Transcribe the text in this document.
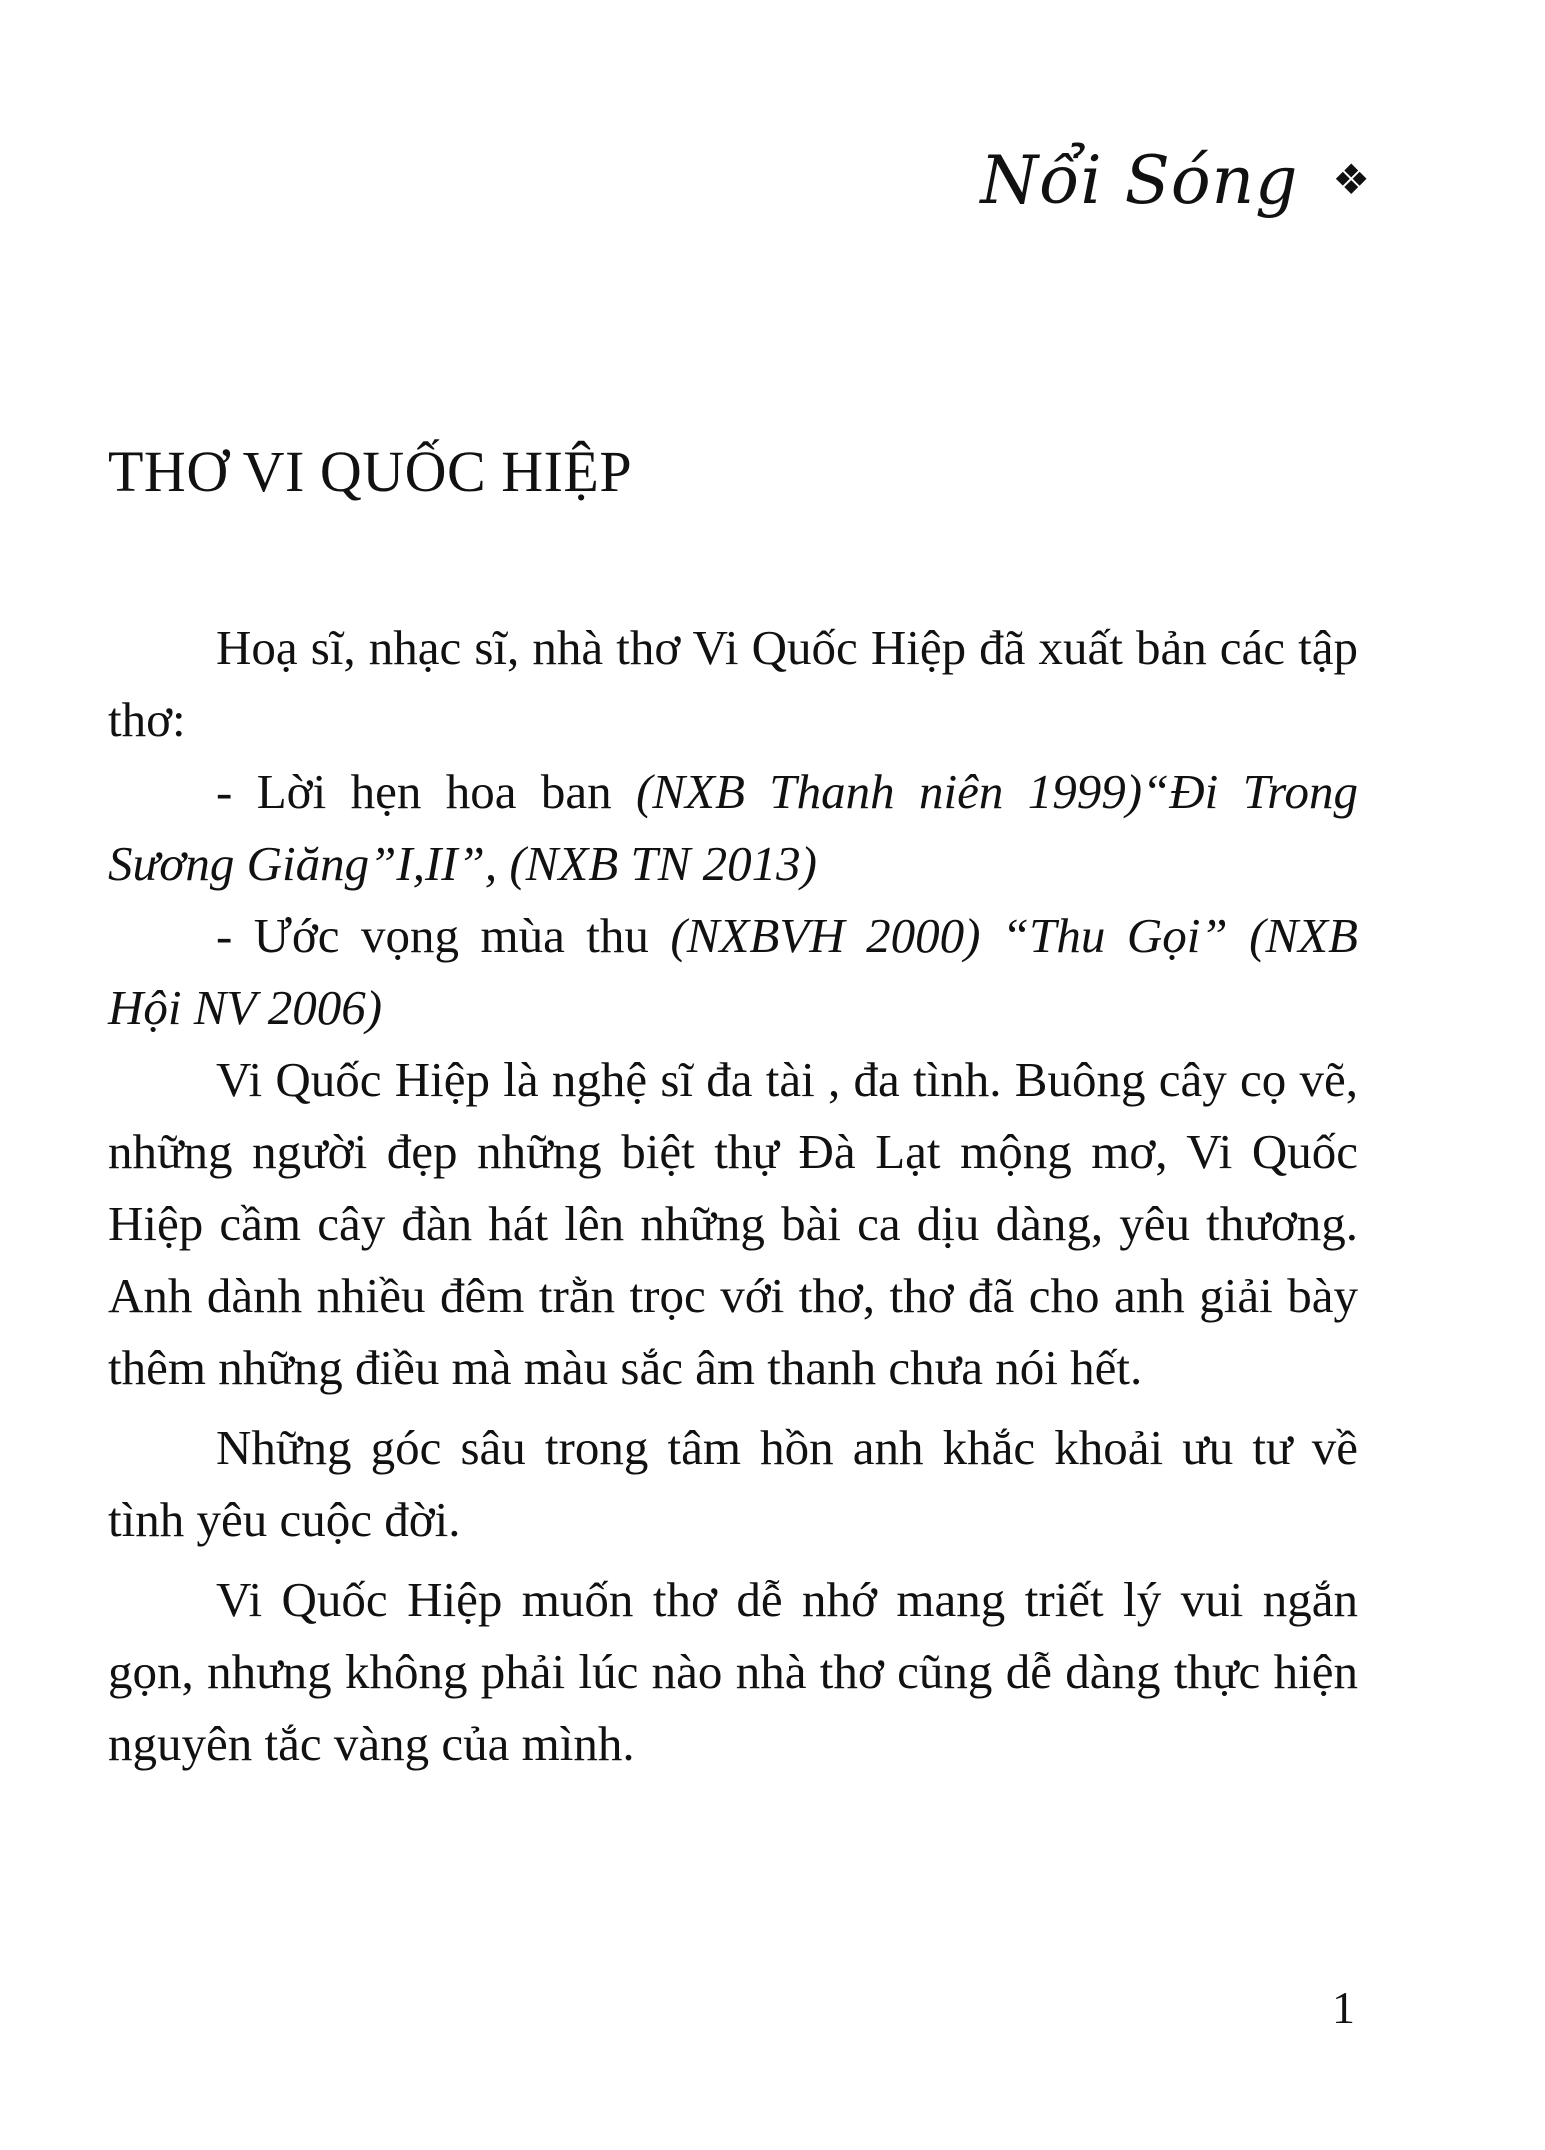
Nổi Sóng ❖
THƠ VI QUỐC HIỆP

Hoạ sĩ, nhạc sĩ, nhà thơ Vi Quốc Hiệp đã xuất bản các tập thơ:

- Lời hẹn hoa ban (NXB Thanh niên 1999)“Đi Trong Sương Giăng”I,II”, (NXB TN 2013)

- Ước vọng mùa thu (NXBVH 2000) “Thu Gọi” (NXB Hội NV 2006)

Vi Quốc Hiệp là nghệ sĩ đa tài , đa tình. Buông cây cọ vẽ, những người đẹp những biệt thự Đà Lạt mộng mơ, Vi Quốc Hiệp cầm cây đàn hát lên những bài ca dịu dàng, yêu thương. Anh dành nhiều đêm trằn trọc với thơ, thơ đã cho anh giải bày thêm những điều mà màu sắc âm thanh chưa nói hết.

Những góc sâu trong tâm hồn anh khắc khoải ưu tư về tình yêu cuộc đời.

Vi Quốc Hiệp muốn thơ dễ nhớ mang triết lý vui ngắn gọn, nhưng không phải lúc nào nhà thơ cũng dễ dàng thực hiện nguyên tắc vàng của mình.

1
